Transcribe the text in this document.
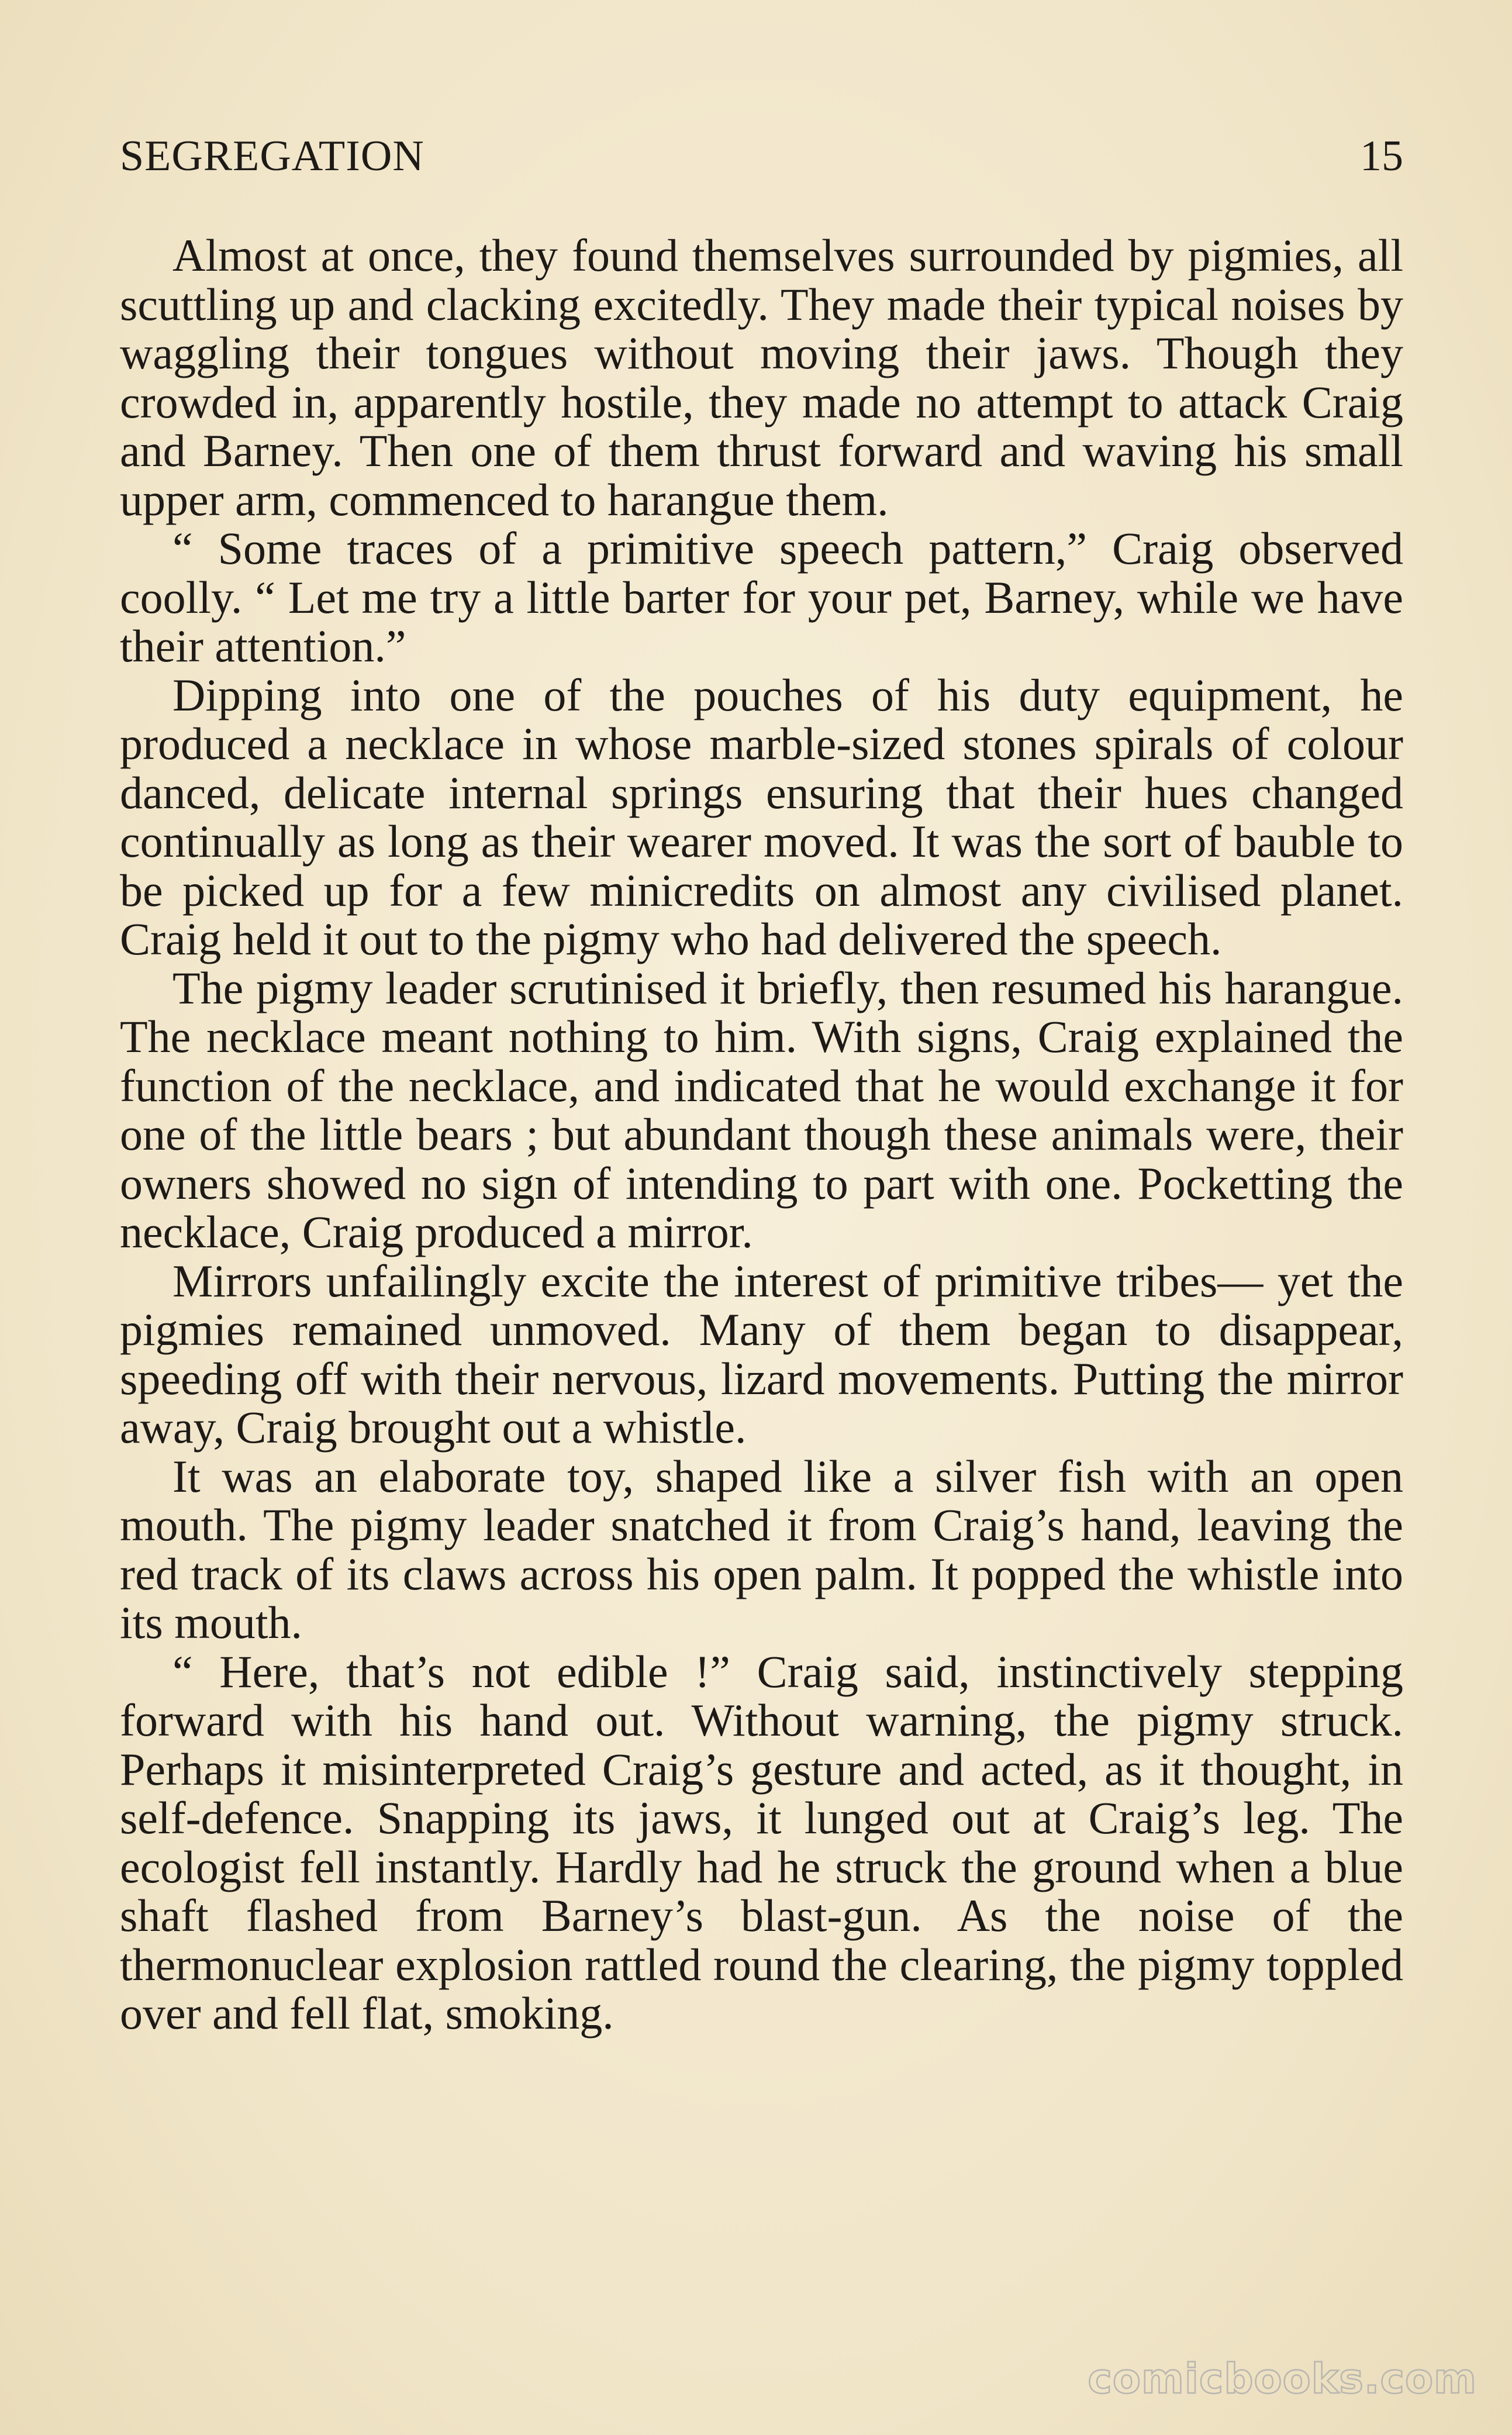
SEGREGATION	15

Almost at once, they found themselves surrounded by pigmies, all scuttling up and clacking excitedly. They made their typical noises by waggling their tongues without moving their jaws. Though they crowded in, apparently hostile, they made no attempt to attack Craig and Barney. Then one of them thrust forward and waving his small upper arm, commenced to harangue them.

“ Some traces of a primitive speech pattern,” Craig observed coolly. “ Let me try a little barter for your pet, Barney, while we have their attention.”

Dipping into one of the pouches of his duty equipment, he produced a necklace in whose marble-sized stones spirals of colour danced, delicate internal springs ensuring that their hues changed continually as long as their wearer moved. It was the sort of bauble to be picked up for a few minicredits on almost any civilised planet. Craig held it out to the pigmy who had delivered the speech.

The pigmy leader scrutinised it briefly, then resumed his harangue. The necklace meant nothing to him. With signs, Craig explained the function of the necklace, and indicated that he would exchange it for one of the little bears ; but abundant though these animals were, their owners showed no sign of intending to part with one. Pocketting the necklace, Craig produced a mirror.

Mirrors unfailingly excite the interest of primitive tribes— yet the pigmies remained unmoved. Many of them began to disappear, speeding off with their nervous, lizard movements. Putting the mirror away, Craig brought out a whistle.

It was an elaborate toy, shaped like a silver fish with an open mouth. The pigmy leader snatched it from Craig’s hand, leaving the red track of its claws across his open palm. It popped the whistle into its mouth.

“ Here, that’s not edible !” Craig said, instinctively stepping forward with his hand out. Without warning, the pigmy struck. Perhaps it misinterpreted Craig’s gesture and acted, as it thought, in self-defence. Snapping its jaws, it lunged out at Craig’s leg. The ecologist fell instantly. Hardly had he struck the ground when a blue shaft flashed from Barney’s blast-gun. As the noise of the thermonuclear explosion rattled round the clearing, the pigmy toppled over and fell flat, smoking.

comicbooks.com
